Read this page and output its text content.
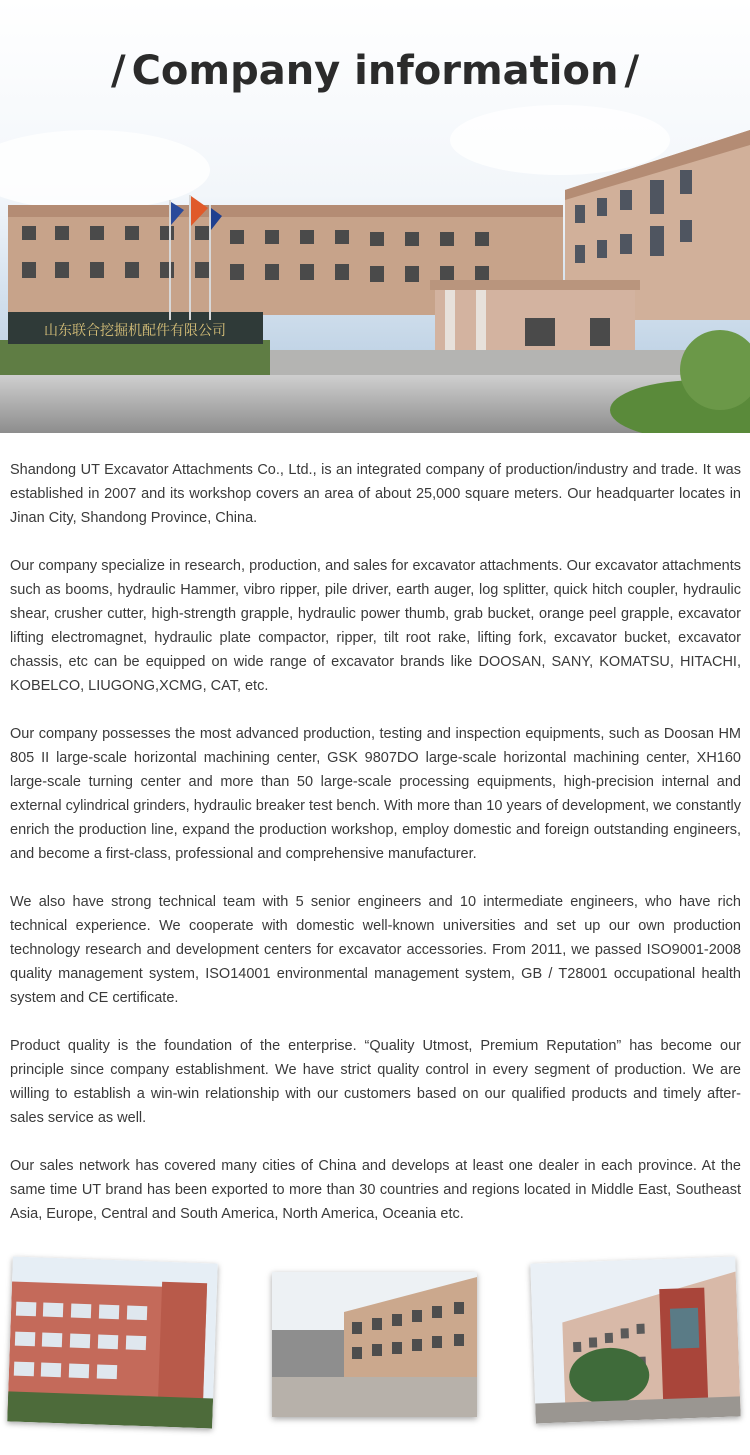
山东联合挖掘机配件有限公司
/ Company information /

Shandong UT Excavator Attachments Co., Ltd., is an integrated company of production/industry and trade. It was established in 2007 and its workshop covers an area of about 25,000 square meters. Our headquarter locates in Jinan City, Shandong Province, China.

Our company specialize in research, production, and sales for excavator attachments. Our excavator attachments such as booms, hydraulic Hammer, vibro ripper, pile driver, earth auger, log splitter, quick hitch coupler, hydraulic shear, crusher cutter, high-strength grapple, hydraulic power thumb, grab bucket, orange peel grapple, excavator lifting electromagnet, hydraulic plate compactor, ripper, tilt root rake, lifting fork, excavator bucket, excavator chassis, etc can be equipped on wide range of excavator brands like DOOSAN, SANY, KOMATSU, HITACHI, KOBELCO, LIUGONG,XCMG, CAT, etc.

Our company possesses the most advanced production, testing and inspection equipments, such as Doosan HM 805 II large-scale horizontal machining center, GSK 9807DO large-scale horizontal machining center, XH160 large-scale turning center and more than 50 large-scale processing equipments, high-precision internal and external cylindrical grinders, hydraulic breaker test bench. With more than 10 years of development, we constantly enrich the production line, expand the production workshop, employ domestic and foreign outstanding engineers, and become a first-class, professional and comprehensive manufacturer.

We also have strong technical team with 5 senior engineers and 10 intermediate engineers, who have rich technical experience. We cooperate with domestic well-known universities and set up our own production technology research and development centers for excavator accessories. From 2011, we passed ISO9001-2008 quality management system, ISO14001 environmental management system, GB / T28001 occupational health system and CE certificate.

Product quality is the foundation of the enterprise. “Quality Utmost, Premium Reputation” has become our principle since company establishment. We have strict quality control in every segment of production. We are willing to establish a win-win relationship with our customers based on our qualified products and timely after-sales service as well.

Our sales network has covered many cities of China and develops at least one dealer in each province. At the same time UT brand has been exported to more than 30 countries and regions located in Middle East, Southeast Asia, Europe, Central and South America, North America, Oceania etc.
